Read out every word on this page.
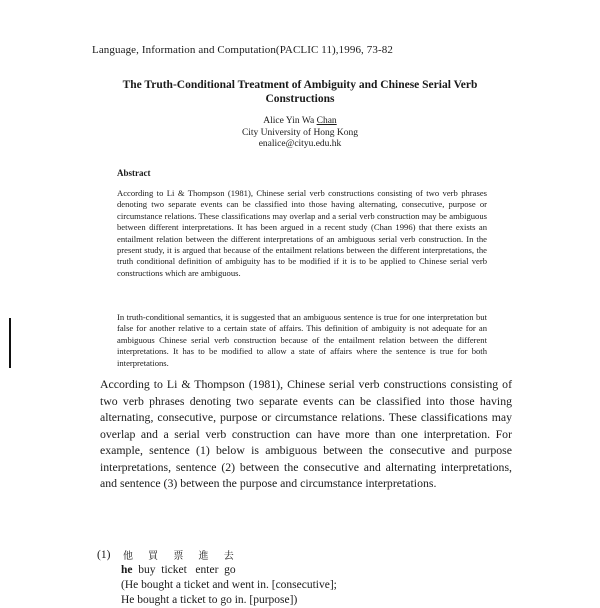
Language, Information and Computation(PACLIC 11),1996, 73-82
The Truth-Conditional Treatment of Ambiguity and Chinese Serial Verb
Constructions
Alice Yin Wa Chan
City University of Hong Kong
enalice@cityu.edu.hk
Abstract
According to Li & Thompson (1981), Chinese serial verb constructions consisting of two verb phrases denoting two separate events can be classified into those having alternating, consecutive, purpose or circumstance relations. These classifications may overlap and a serial verb construction may be ambiguous between different interpretations. It has been argued in a recent study (Chan 1996) that there exists an entailment relation between the different interpretations of an ambiguous serial verb construction. In the present study, it is argued that because of the entailment relations between the different interpretations, the truth conditional definition of ambiguity has to be modified if it is to be applied to Chinese serial verb constructions which are ambiguous.
In truth-conditional semantics, it is suggested that an ambiguous sentence is true for one interpretation but false for another relative to a certain state of affairs. This definition of ambiguity is not adequate for an ambiguous Chinese serial verb construction because of the entailment relation between the different interpretations. It has to be modified to allow a state of affairs where the sentence is true for both interpretations.
According to Li & Thompson (1981), Chinese serial verb constructions consisting of two verb phrases denoting two separate events can be classified into those having alternating, consecutive, purpose or circumstance relations. These classifications may overlap and a serial verb construction can have more than one interpretation. For example, sentence (1) below is ambiguous between the consecutive and purpose interpretations, sentence (2) between the consecutive and alternating interpretations, and sentence (3) between the purpose and circumstance interpretations.
(1) 他 買 票 進 去
he  buy  ticket   enter  go
(He bought a ticket and went in. [consecutive];
He bought a ticket to go in. [purpose])
